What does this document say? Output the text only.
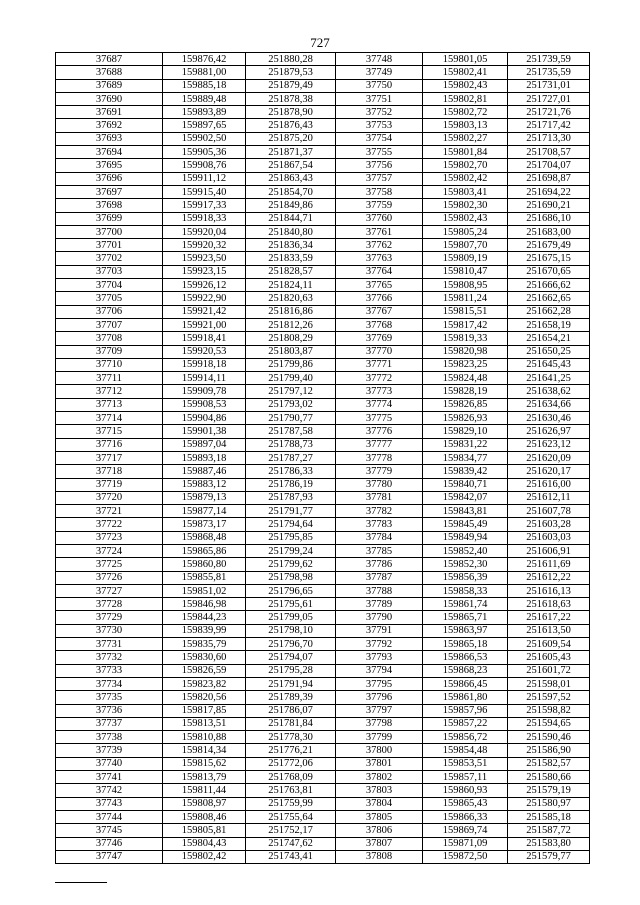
727
37687	159876,42	251880,28	37748	159801,05	251739,59
37688	159881,00	251879,53	37749	159802,41	251735,59
37689	159885,18	251879,49	37750	159802,43	251731,01
37690	159889,48	251878,38	37751	159802,81	251727,01
37691	159893,89	251878,90	37752	159802,72	251721,76
37692	159897,65	251876,43	37753	159803,13	251717,42
37693	159902,50	251875,20	37754	159802,27	251713,30
37694	159905,36	251871,37	37755	159801,84	251708,57
37695	159908,76	251867,54	37756	159802,70	251704,07
37696	159911,12	251863,43	37757	159802,42	251698,87
37697	159915,40	251854,70	37758	159803,41	251694,22
37698	159917,33	251849,86	37759	159802,30	251690,21
37699	159918,33	251844,71	37760	159802,43	251686,10
37700	159920,04	251840,80	37761	159805,24	251683,00
37701	159920,32	251836,34	37762	159807,70	251679,49
37702	159923,50	251833,59	37763	159809,19	251675,15
37703	159923,15	251828,57	37764	159810,47	251670,65
37704	159926,12	251824,11	37765	159808,95	251666,62
37705	159922,90	251820,63	37766	159811,24	251662,65
37706	159921,42	251816,86	37767	159815,51	251662,28
37707	159921,00	251812,26	37768	159817,42	251658,19
37708	159918,41	251808,29	37769	159819,33	251654,21
37709	159920,53	251803,87	37770	159820,98	251650,25
37710	159918,18	251799,86	37771	159823,25	251645,43
37711	159914,11	251799,40	37772	159824,48	251641,25
37712	159909,78	251797,12	37773	159828,19	251638,62
37713	159908,53	251793,02	37774	159826,85	251634,66
37714	159904,86	251790,77	37775	159826,93	251630,46
37715	159901,38	251787,58	37776	159829,10	251626,97
37716	159897,04	251788,73	37777	159831,22	251623,12
37717	159893,18	251787,27	37778	159834,77	251620,09
37718	159887,46	251786,33	37779	159839,42	251620,17
37719	159883,12	251786,19	37780	159840,71	251616,00
37720	159879,13	251787,93	37781	159842,07	251612,11
37721	159877,14	251791,77	37782	159843,81	251607,78
37722	159873,17	251794,64	37783	159845,49	251603,28
37723	159868,48	251795,85	37784	159849,94	251603,03
37724	159865,86	251799,24	37785	159852,40	251606,91
37725	159860,80	251799,62	37786	159852,30	251611,69
37726	159855,81	251798,98	37787	159856,39	251612,22
37727	159851,02	251796,65	37788	159858,33	251616,13
37728	159846,98	251795,61	37789	159861,74	251618,63
37729	159844,23	251799,05	37790	159865,71	251617,22
37730	159839,99	251798,10	37791	159863,97	251613,50
37731	159835,79	251796,70	37792	159865,18	251609,54
37732	159830,60	251794,07	37793	159866,53	251605,43
37733	159826,59	251795,28	37794	159868,23	251601,72
37734	159823,82	251791,94	37795	159866,45	251598,01
37735	159820,56	251789,39	37796	159861,80	251597,52
37736	159817,85	251786,07	37797	159857,96	251598,82
37737	159813,51	251781,84	37798	159857,22	251594,65
37738	159810,88	251778,30	37799	159856,72	251590,46
37739	159814,34	251776,21	37800	159854,48	251586,90
37740	159815,62	251772,06	37801	159853,51	251582,57
37741	159813,79	251768,09	37802	159857,11	251580,66
37742	159811,44	251763,81	37803	159860,93	251579,19
37743	159808,97	251759,99	37804	159865,43	251580,97
37744	159808,46	251755,64	37805	159866,33	251585,18
37745	159805,81	251752,17	37806	159869,74	251587,72
37746	159804,43	251747,62	37807	159871,09	251583,80
37747	159802,42	251743,41	37808	159872,50	251579,77
